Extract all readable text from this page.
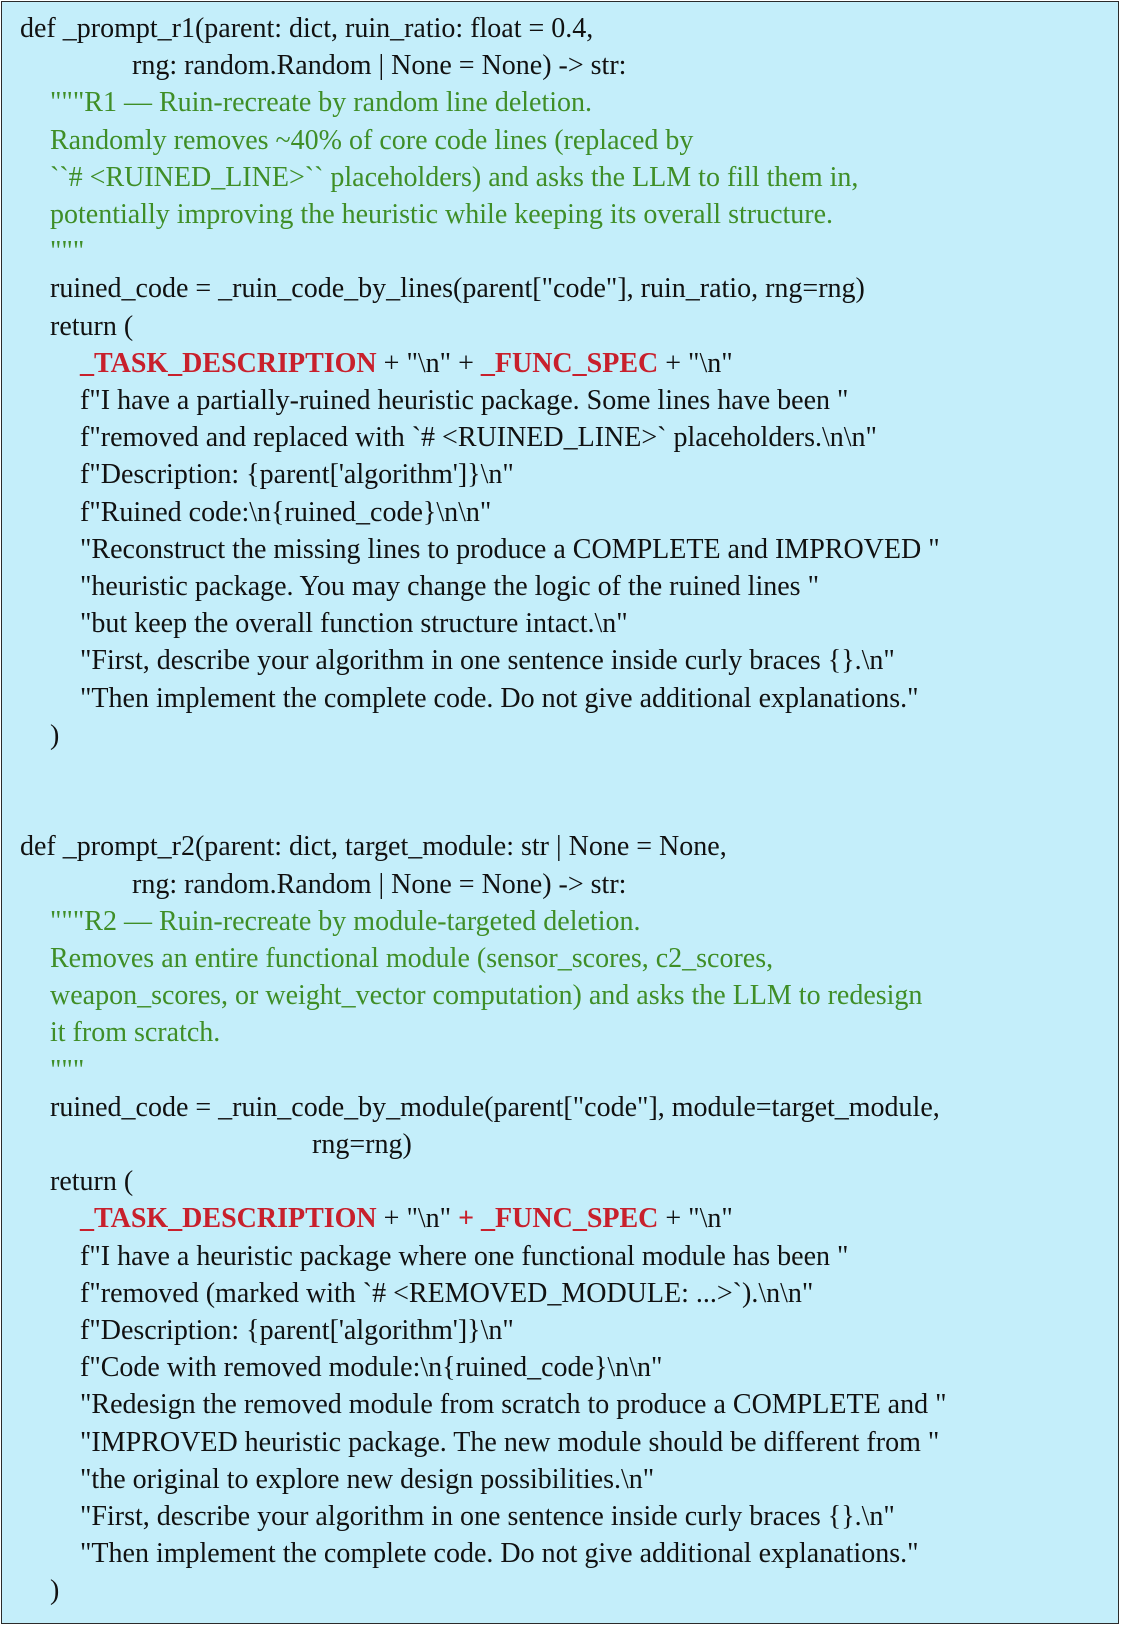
def _prompt_r1(parent: dict, ruin_ratio: float = 0.4,
rng: random.Random | None = None) -> str:
"""R1 — Ruin-recreate by random line deletion.
Randomly removes ~40% of core code lines (replaced by
``# <RUINED_LINE>`` placeholders) and asks the LLM to fill them in,
potentially improving the heuristic while keeping its overall structure.
"""
ruined_code = _ruin_code_by_lines(parent["code"], ruin_ratio, rng=rng)
return (
_TASK_DESCRIPTION + "\n" + _FUNC_SPEC + "\n"
f"I have a partially-ruined heuristic package. Some lines have been "
f"removed and replaced with `# <RUINED_LINE>` placeholders.\n\n"
f"Description: {parent['algorithm']}\n"
f"Ruined code:\n{ruined_code}\n\n"
"Reconstruct the missing lines to produce a COMPLETE and IMPROVED "
"heuristic package. You may change the logic of the ruined lines "
"but keep the overall function structure intact.\n"
"First, describe your algorithm in one sentence inside curly braces {}.\n"
"Then implement the complete code. Do not give additional explanations."
)
def _prompt_r2(parent: dict, target_module: str | None = None,
rng: random.Random | None = None) -> str:
"""R2 — Ruin-recreate by module-targeted deletion.
Removes an entire functional module (sensor_scores, c2_scores,
weapon_scores, or weight_vector computation) and asks the LLM to redesign
it from scratch.
"""
ruined_code = _ruin_code_by_module(parent["code"], module=target_module,
rng=rng)
return (
_TASK_DESCRIPTION + "\n" + _FUNC_SPEC + "\n"
f"I have a heuristic package where one functional module has been "
f"removed (marked with `# <REMOVED_MODULE: ...>`).\n\n"
f"Description: {parent['algorithm']}\n"
f"Code with removed module:\n{ruined_code}\n\n"
"Redesign the removed module from scratch to produce a COMPLETE and "
"IMPROVED heuristic package. The new module should be different from "
"the original to explore new design possibilities.\n"
"First, describe your algorithm in one sentence inside curly braces {}.\n"
"Then implement the complete code. Do not give additional explanations."
)
